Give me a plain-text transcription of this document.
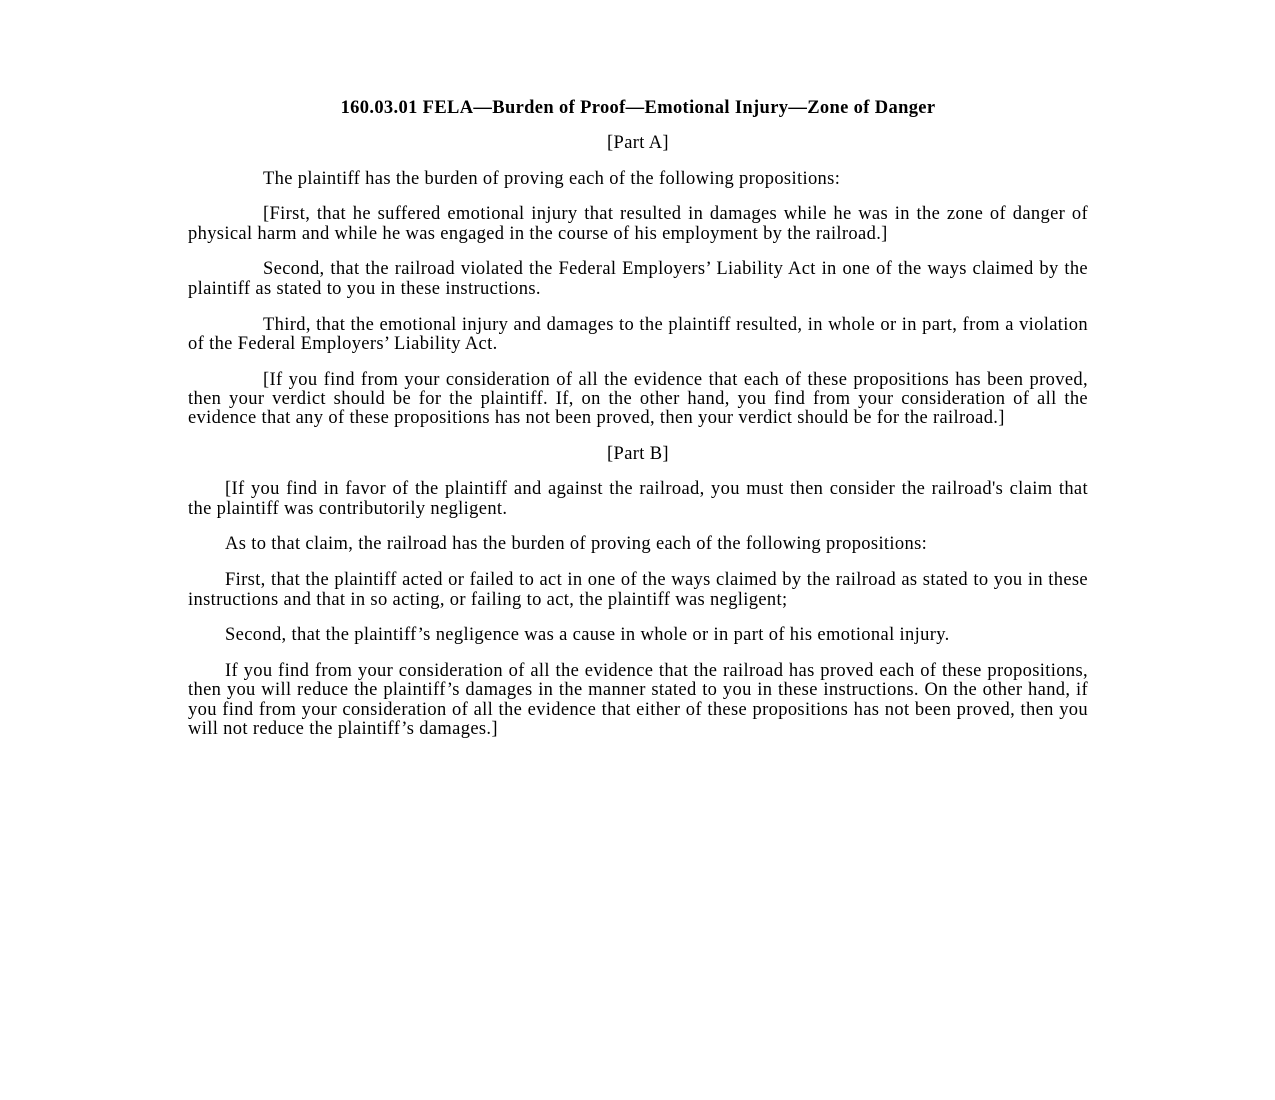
160.03.01 FELA—Burden of Proof—Emotional Injury—Zone of Danger
[Part A]

The plaintiff has the burden of proving each of the following propositions:

[First, that he suffered emotional injury that resulted in damages while he was in the zone of danger of physical harm and while he was engaged in the course of his employment by the railroad.]

Second, that the railroad violated the Federal Employers’ Liability Act in one of the ways claimed by the plaintiff as stated to you in these instructions.

Third, that the emotional injury and damages to the plaintiff resulted, in whole or in part, from a violation of the Federal Employers’ Liability Act.

[If you find from your consideration of all the evidence that each of these propositions has been proved, then your verdict should be for the plaintiff. If, on the other hand, you find from your consideration of all the evidence that any of these propositions has not been proved, then your verdict should be for the railroad.]

[Part B]

[If you find in favor of the plaintiff and against the railroad, you must then consider the railroad's claim that the plaintiff was contributorily negligent.

As to that claim, the railroad has the burden of proving each of the following propositions:

First, that the plaintiff acted or failed to act in one of the ways claimed by the railroad as stated to you in these instructions and that in so acting, or failing to act, the plaintiff was negligent;

Second, that the plaintiff’s negligence was a cause in whole or in part of his emotional injury.

If you find from your consideration of all the evidence that the railroad has proved each of these propositions, then you will reduce the plaintiff’s damages in the manner stated to you in these instructions. On the other hand, if you find from your consideration of all the evidence that either of these propositions has not been proved, then you will not reduce the plaintiff’s damages.]
